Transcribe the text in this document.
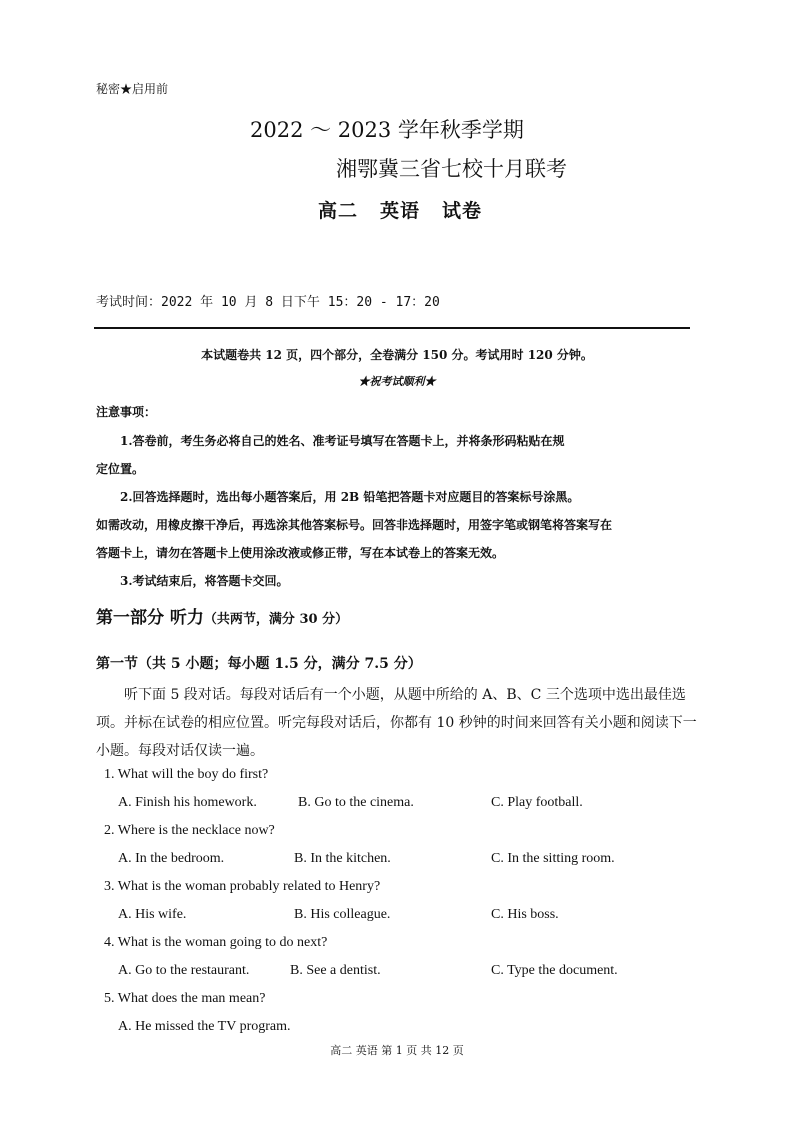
秘密★启用前
2022 ～ 2023 学年秋季学期
湘鄂冀三省七校十月联考
高二 英语 试卷
考试时间：2022 年 10 月 8 日下午 15：20 - 17：20
本试题卷共 12 页，四个部分，全卷满分 150 分。考试用时 120 分钟。
★祝考试顺利★
注意事项：
1.答卷前，考生务必将自己的姓名、准考证号填写在答题卡上，并将条形码粘贴在规
定位置。
2.回答选择题时，选出每小题答案后，用 2B 铅笔把答题卡对应题目的答案标号涂黑。
如需改动，用橡皮擦干净后，再选涂其他答案标号。回答非选择题时，用签字笔或钢笔将答案写在
答题卡上，请勿在答题卡上使用涂改液或修正带，写在本试卷上的答案无效。
3.考试结束后，将答题卡交回。
第一部分 听力（共两节，满分 30 分）
第一节（共 5 小题；每小题 1.5 分，满分 7.5 分）
听下面 5 段对话。每段对话后有一个小题，从题中所给的 A、B、C 三个选项中选出最佳选项。并标在试卷的相应位置。听完每段对话后，你都有 10 秒钟的时间来回答有关小题和阅读下一小题。每段对话仅读一遍。
1. What will the boy do first?
A. Finish his homework.	B. Go to the cinema.	C. Play football.
2. Where is the necklace now?
A. In the bedroom.	B. In the kitchen.	C. In the sitting room.
3. What is the woman probably related to Henry?
A. His wife.	B. His colleague.	C. His boss.
4. What is the woman going to do next?
A. Go to the restaurant.	B. See a dentist.	C. Type the document.
5. What does the man mean?
A. He missed the TV program.
高二 英语 第 1 页 共 12 页
